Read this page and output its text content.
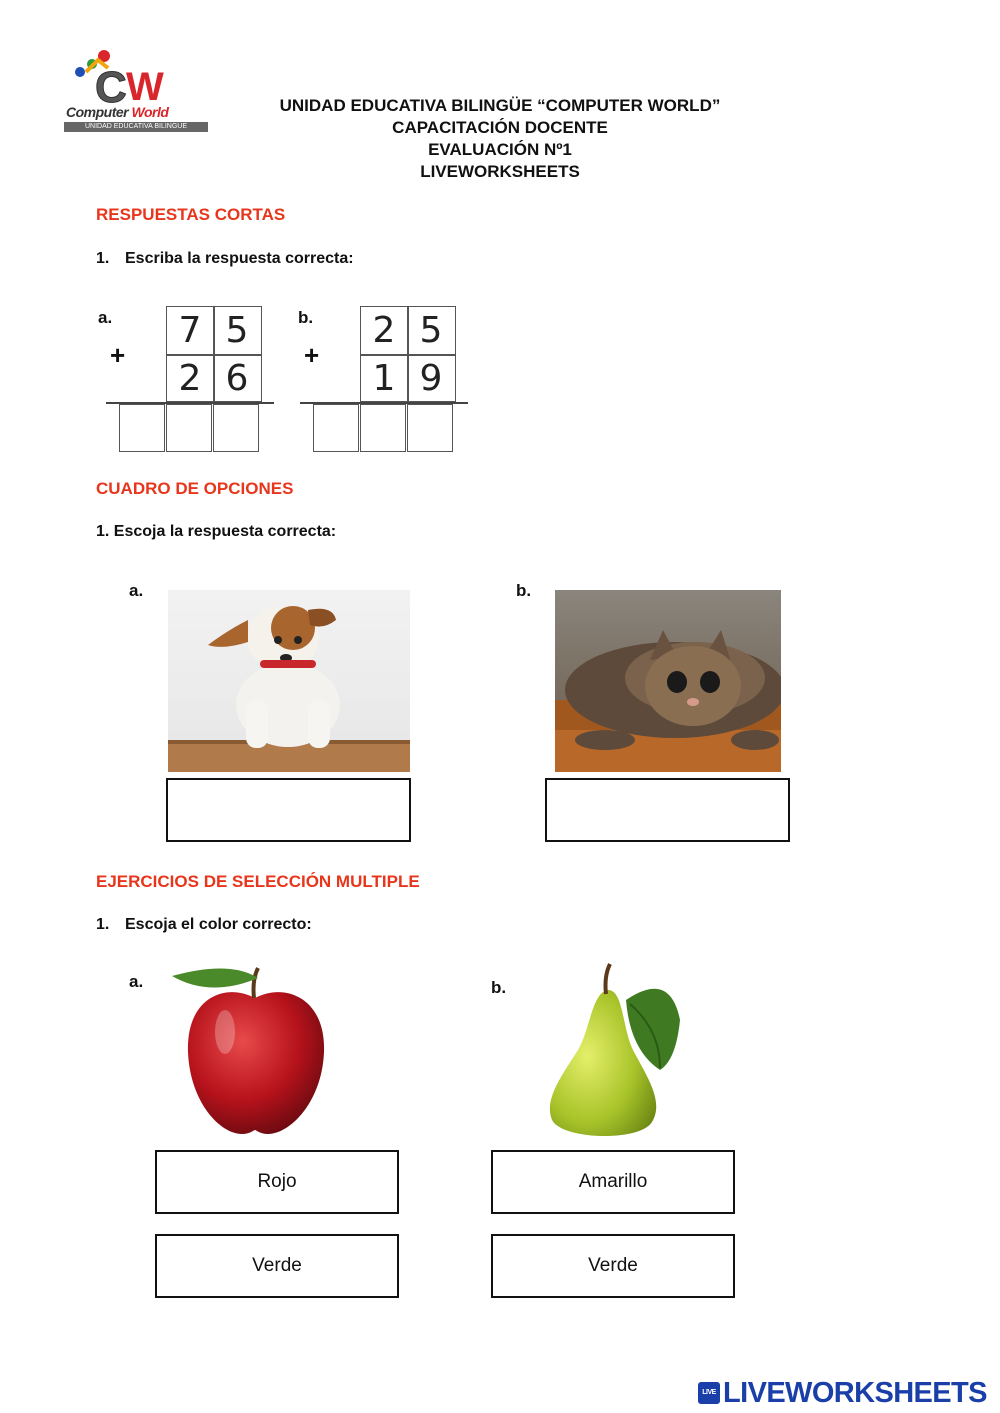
C W
Computer World
UNIDAD EDUCATIVA BILINGUE
UNIDAD EDUCATIVA BILINGÜE “COMPUTER WORLD”
CAPACITACIÓN DOCENTE
EVALUACIÓN Nº1
LIVEWORKSHEETS
RESPUESTAS CORTAS
1. Escriba la respuesta correcta:
a.
+
7 5
2 6
b.
+
2 5
1 9
CUADRO DE OPCIONES
1. Escoja la respuesta correcta:
a.	b.
EJERCICIOS DE SELECCIÓN MULTIPLE
1. Escoja el color correcto:
a.
Rojo
Verde
b.
Amarillo
Verde
LIVE LIVEWORKSHEETS
